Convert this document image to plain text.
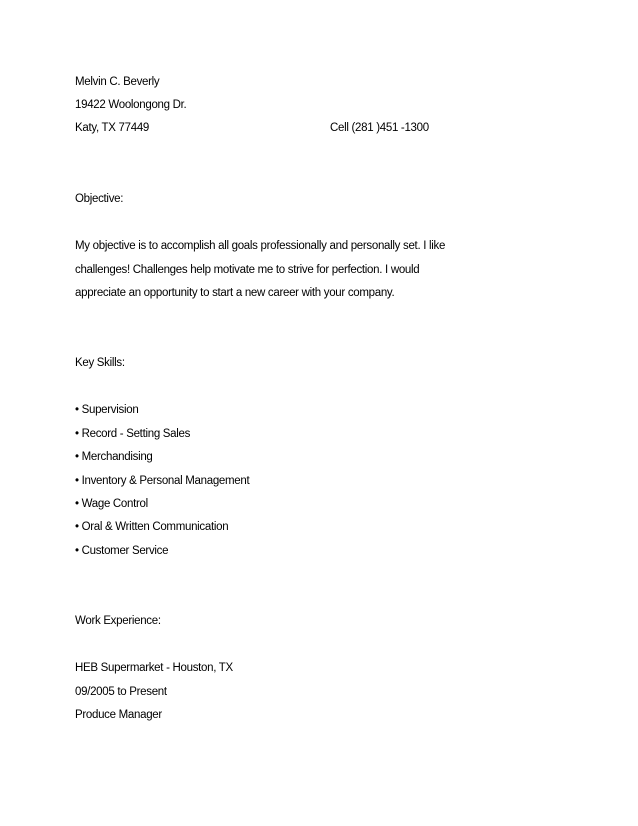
Melvin C. Beverly
19422 Woolongong Dr.
Katy, TX 77449	Cell (281 )451 -1300
Objective:
My objective is to accomplish all goals professionally and personally set. I like
challenges! Challenges help motivate me to strive for perfection. I would
appreciate an opportunity to start a new career with your company.
Key Skills:
• Supervision
• Record - Setting Sales
• Merchandising
• Inventory & Personal Management
• Wage Control
• Oral & Written Communication
• Customer Service
Work Experience:
HEB Supermarket - Houston, TX
09/2005 to Present
Produce Manager
